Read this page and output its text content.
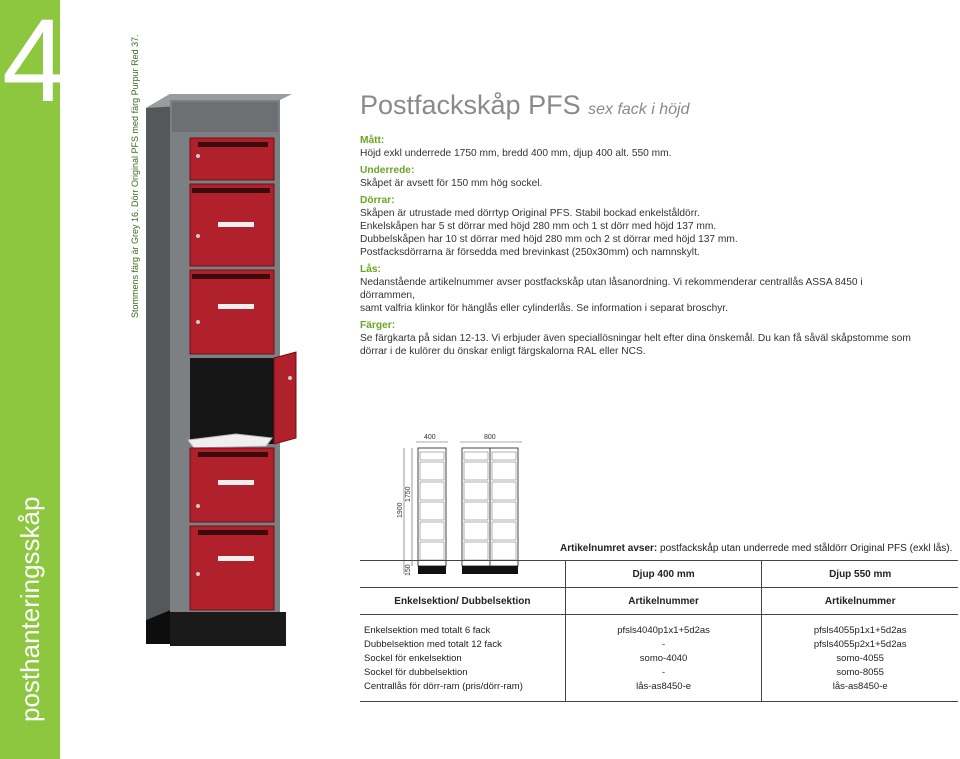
4
posthanteringsskåp
Stommens färg är Grey 16. Dörr Original PFS med färg Purpur Red 37.	Postfackskåp PFS sex fack i höjd
Mått:

Höjd exkl underrede 1750 mm, bredd 400 mm, djup 400 alt. 550 mm.

Underrede:

Skåpet är avsett för 150 mm hög sockel.

Dörrar:

Skåpen är utrustade med dörrtyp Original PFS. Stabil bockad enkelståldörr.

Enkelskåpen har 5 st dörrar med höjd 280 mm och 1 st dörr med höjd 137 mm.

Dubbelskåpen har 10 st dörrar med höjd 280 mm och 2 st dörrar med höjd 137 mm.

Postfacksdörrarna är försedda med brevinkast (250x30mm) och namnskylt.

Lås:

Nedanstående artikelnummer avser postfackskåp utan låsanordning. Vi rekommenderar centrallås ASSA 8450 i dörrammen,

samt valfria klinkor för hänglås eller cylinderlås. Se information i separat broschyr.

Färger:

Se färgkarta på sidan 12-13. Vi erbjuder även speciallösningar helt efter dina önskemål. Du kan få såväl skåpstomme som

dörrar i de kulörer du önskar enligt färgskalorna RAL eller NCS.

400	800
1900
1750
150
Artikelnumret avser: postfackskåp utan underrede med ståldörr Original PFS (exkl lås).
	Djup 400 mm	Djup 550 mm
Enkelsektion/ Dubbelsektion	Artikelnummer	Artikelnummer

Enkelsektion med totalt 6 fack	pfsls4040p1x1+5d2as	pfsls4055p1x1+5d2as
Dubbelsektion med totalt 12 fack	-	pfsls4055p2x1+5d2as
Sockel för enkelsektion	somo-4040	somo-4055
Sockel för dubbelsektion	-	somo-8055
Centrallås för dörr-ram (pris/dörr-ram)	lås-as8450-e	lås-as8450-e
